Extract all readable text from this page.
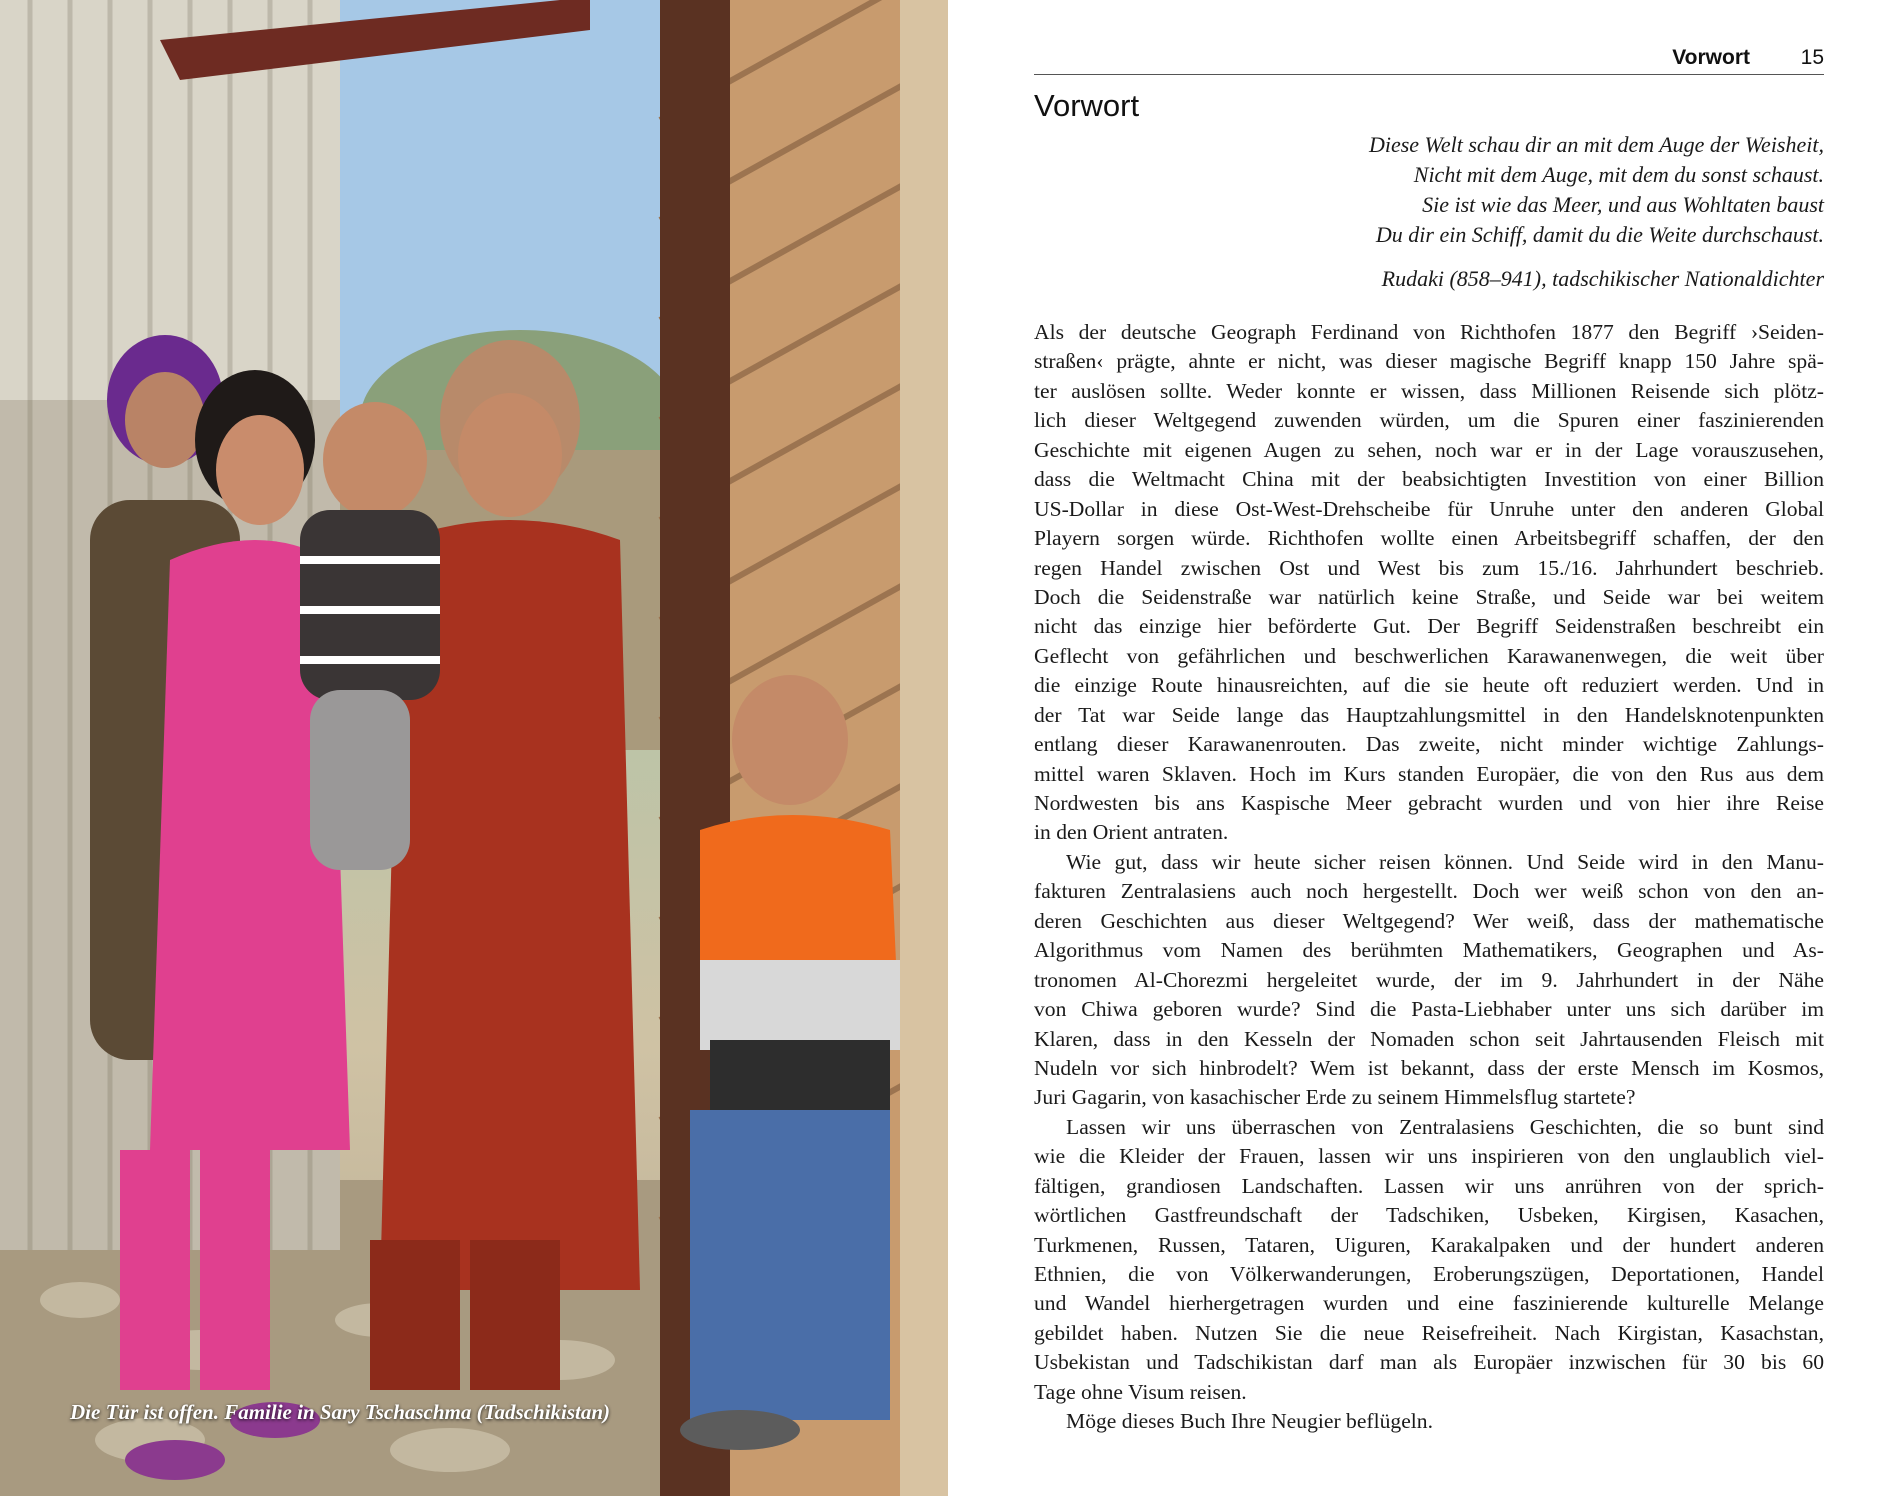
Die Tür ist offen. Familie in Sary Tschaschma (Tadschikistan)
Vorwort 15
Vorwort
Diese Welt schau dir an mit dem Auge der Weisheit,
Nicht mit dem Auge, mit dem du sonst schaust.
Sie ist wie das Meer, und aus Wohltaten baust
Du dir ein Schiff, damit du die Weite durchschaust.
Rudaki (858–941), tadschikischer Nationaldichter
Als der deutsche Geograph Ferdinand von Richthofen 1877 den Begriff ›Seiden-
straßen‹ prägte, ahnte er nicht, was dieser magische Begriff knapp 150 Jahre spä-
ter auslösen sollte. Weder konnte er wissen, dass Millionen Reisende sich plötz-
lich dieser Weltgegend zuwenden würden, um die Spuren einer faszinierenden
Geschichte mit eigenen Augen zu sehen, noch war er in der Lage vorauszusehen,
dass die Weltmacht China mit der beabsichtigten Investition von einer Billion
US-Dollar in diese Ost-West-Drehscheibe für Unruhe unter den anderen Global
Playern sorgen würde. Richthofen wollte einen Arbeitsbegriff schaffen, der den
regen Handel zwischen Ost und West bis zum 15./16. Jahrhundert beschrieb.
Doch die Seidenstraße war natürlich keine Straße, und Seide war bei weitem
nicht das einzige hier beförderte Gut. Der Begriff Seidenstraßen beschreibt ein
Geflecht von gefährlichen und beschwerlichen Karawanenwegen, die weit über
die einzige Route hinausreichten, auf die sie heute oft reduziert werden. Und in
der Tat war Seide lange das Hauptzahlungsmittel in den Handelsknotenpunkten
entlang dieser Karawanenrouten. Das zweite, nicht minder wichtige Zahlungs-
mittel waren Sklaven. Hoch im Kurs standen Europäer, die von den Rus aus dem
Nordwesten bis ans Kaspische Meer gebracht wurden und von hier ihre Reise
in den Orient antraten.
Wie gut, dass wir heute sicher reisen können. Und Seide wird in den Manu-
fakturen Zentralasiens auch noch hergestellt. Doch wer weiß schon von den an-
deren Geschichten aus dieser Weltgegend? Wer weiß, dass der mathematische
Algorithmus vom Namen des berühmten Mathematikers, Geographen und As-
tronomen Al-Chorezmi hergeleitet wurde, der im 9. Jahrhundert in der Nähe
von Chiwa geboren wurde? Sind die Pasta-Liebhaber unter uns sich darüber im
Klaren, dass in den Kesseln der Nomaden schon seit Jahrtausenden Fleisch mit
Nudeln vor sich hinbrodelt? Wem ist bekannt, dass der erste Mensch im Kosmos,
Juri Gagarin, von kasachischer Erde zu seinem Himmelsflug startete?
Lassen wir uns überraschen von Zentralasiens Geschichten, die so bunt sind
wie die Kleider der Frauen, lassen wir uns inspirieren von den unglaublich viel-
fältigen, grandiosen Landschaften. Lassen wir uns anrühren von der sprich-
wörtlichen Gastfreundschaft der Tadschiken, Usbeken, Kirgisen, Kasachen,
Turkmenen, Russen, Tataren, Uiguren, Karakalpaken und der hundert anderen
Ethnien, die von Völkerwanderungen, Eroberungszügen, Deportationen, Handel
und Wandel hierhergetragen wurden und eine faszinierende kulturelle Melange
gebildet haben. Nutzen Sie die neue Reisefreiheit. Nach Kirgistan, Kasachstan,
Usbekistan und Tadschikistan darf man als Europäer inzwischen für 30 bis 60
Tage ohne Visum reisen.
Möge dieses Buch Ihre Neugier beflügeln.
